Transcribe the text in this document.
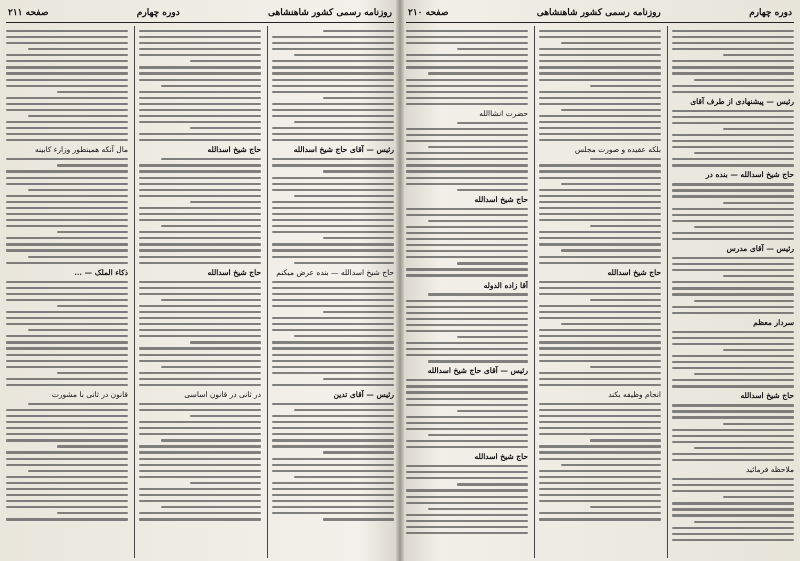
روزنامه رسمی کشور شاهنشاهی
دوره چهارم
صفحه ۲۱۱
رئیس — آقای حاج شیخ اسدالله
حاج شیخ اسدالله — بنده عرض میکنم
رئیس — آقای تدین
حاج شیخ اسدالله
حاج شیخ اسدالله
در ثانی در قانون اساسی
مال آنکه همینطور وزارء کابینه
ذکاء الملک — ...
قانون در ثانی با مشورت
دوره چهارم
روزنامه رسمی کشور شاهنشاهی
صفحه ۲۱۰
رئیس — پیشنهادی از طرف آقای
حاج شیخ اسدالله — بنده در
رئیس — آقای مدرس
سردار معظم
حاج شیخ اسدالله
ملاحظه فرمائید
بلکه عقیده و صورت مجلس
حاج شیخ اسدالله
انجام وظیفه بکند
حضرت انشاالله
حاج شیخ اسدالله
آقا زاده الدوله
رئیس — آقای حاج شیخ اسدالله
حاج شیخ اسدالله
